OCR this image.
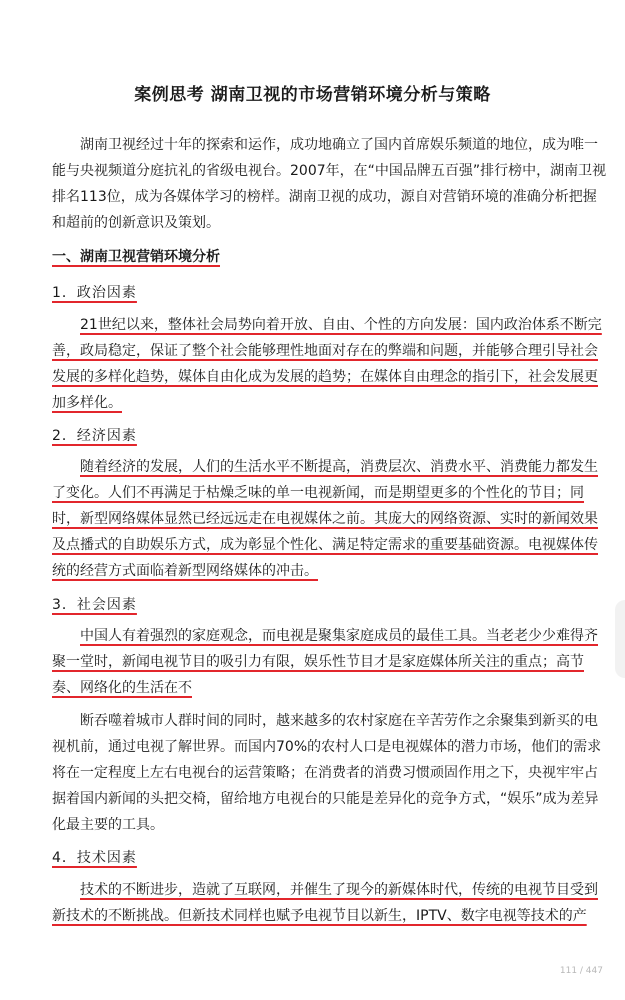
案例思考 湖南卫视的市场营销环境分析与策略

湖南卫视经过十年的探索和运作，成功地确立了国内首席娱乐频道的地位，成为唯一能与央视频道分庭抗礼的省级电视台。2007年，在“中国品牌五百强”排行榜中，湖南卫视排名113位，成为各媒体学习的榜样。湖南卫视的成功，源自对营销环境的准确分析把握和超前的创新意识及策划。

一、湖南卫视营销环境分析
1．政治因素

21世纪以来，整体社会局势向着开放、自由、个性的方向发展：国内政治体系不断完善，政局稳定，保证了整个社会能够理性地面对存在的弊端和问题，并能够合理引导社会发展的多样化趋势，媒体自由化成为发展的趋势；在媒体自由理念的指引下，社会发展更加多样化。

2．经济因素

随着经济的发展，人们的生活水平不断提高，消费层次、消费水平、消费能力都发生了变化。人们不再满足于枯燥乏味的单一电视新闻，而是期望更多的个性化的节目；同时，新型网络媒体显然已经远远走在电视媒体之前。其庞大的网络资源、实时的新闻效果及点播式的自助娱乐方式，成为彰显个性化、满足特定需求的重要基础资源。电视媒体传统的经营方式面临着新型网络媒体的冲击。

3．社会因素

中国人有着强烈的家庭观念，而电视是聚集家庭成员的最佳工具。当老老少少难得齐聚一堂时，新闻电视节目的吸引力有限，娱乐性节目才是家庭媒体所关注的重点；高节奏、网络化的生活在不

断吞噬着城市人群时间的同时，越来越多的农村家庭在辛苦劳作之余聚集到新买的电视机前，通过电视了解世界。而国内70%的农村人口是电视媒体的潜力市场，他们的需求将在一定程度上左右电视台的运营策略；在消费者的消费习惯顽固作用之下，央视牢牢占据着国内新闻的头把交椅，留给地方电视台的只能是差异化的竞争方式，“娱乐”成为差异化最主要的工具。

4．技术因素

技术的不断进步，造就了互联网，并催生了现今的新媒体时代，传统的电视节目受到新技术的不断挑战。但新技术同样也赋予电视节目以新生，IPTV、数字电视等技术的产

111 / 447
